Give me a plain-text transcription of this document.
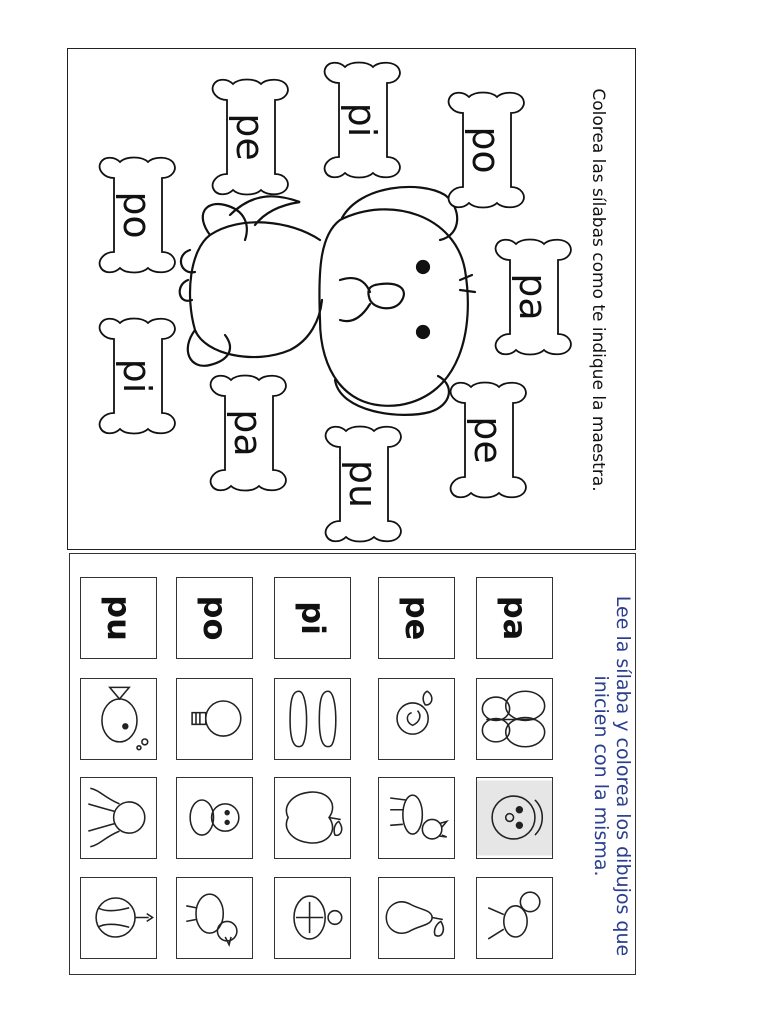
Colorea las sílabas como te indique la maestra.
po
pi
pe
po
pa
pi
pa	pe
pu
Lee la sílaba y colorea los dibujos que
inicien con la misma.
pa
pe
pi
po
pu
